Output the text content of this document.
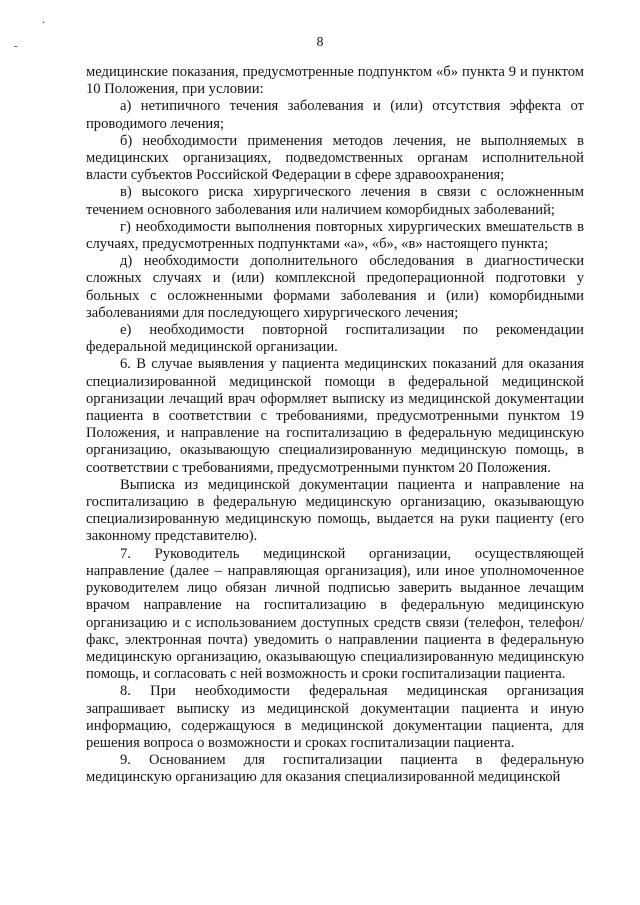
.
-	8

медицинские показания, предусмотренные подпунктом «б» пункта 9 и пунктом 10 Положения, при условии:

а) нетипичного течения заболевания и (или) отсутствия эффекта от проводимого лечения;

б) необходимости применения методов лечения, не выполняемых в медицинских организациях, подведомственных органам исполнительной власти субъектов Российской Федерации в сфере здравоохранения;

в) высокого риска хирургического лечения в связи с осложненным течением основного заболевания или наличием коморбидных заболеваний;

г) необходимости выполнения повторных хирургических вмешательств в случаях, предусмотренных подпунктами «а», «б», «в» настоящего пункта;

д) необходимости дополнительного обследования в диагностически сложных случаях и (или) комплексной предоперационной подготовки у больных с осложненными формами заболевания и (или) коморбидными заболеваниями для последующего хирургического лечения;

е) необходимости повторной госпитализации по рекомендации федеральной медицинской организации.

6. В случае выявления у пациента медицинских показаний для оказания специализированной медицинской помощи в федеральной медицинской организации лечащий врач оформляет выписку из медицинской документации пациента в соответствии с требованиями, предусмотренными пунктом 19 Положения, и направление на госпитализацию в федеральную медицинскую организацию, оказывающую специализированную медицинскую помощь, в соответствии с требованиями, предусмотренными пунктом 20 Положения.

Выписка из медицинской документации пациента и направление на госпитализацию в федеральную медицинскую организацию, оказывающую специализированную медицинскую помощь, выдается на руки пациенту (его законному представителю).

7. Руководитель медицинской организации, осуществляющей направление (далее – направляющая организация), или иное уполномоченное руководителем лицо обязан личной подписью заверить выданное лечащим врачом направление на госпитализацию в федеральную медицинскую организацию и с использованием доступных средств связи (телефон, телефон/факс, электронная почта) уведомить о направлении пациента в федеральную медицинскую организацию, оказывающую специализированную медицинскую помощь, и согласовать с ней возможность и сроки госпитализации пациента.

8. При необходимости федеральная медицинская организация запрашивает выписку из медицинской документации пациента и иную информацию, содержащуюся в медицинской документации пациента, для решения вопроса о возможности и сроках госпитализации пациента.

9. Основанием для госпитализации пациента в федеральную медицинскую организацию для оказания специализированной медицинской
